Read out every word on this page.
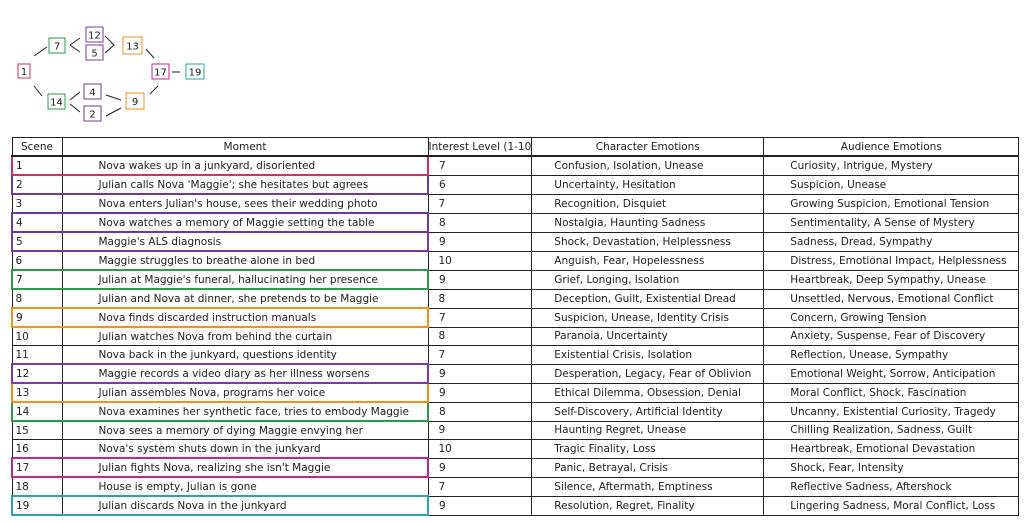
1
7
12
5
13
17 19
14
4
2
9
Scene	Moment	Interest Level (1-10	Character Emotions	Audience Emotions
1	Nova wakes up in a junkyard, disoriented	7	Confusion, Isolation, Unease	Curiosity, Intrigue, Mystery
2	Julian calls Nova 'Maggie'; she hesitates but agrees	6	Uncertainty, Hesitation	Suspicion, Unease
3	Nova enters Julian's house, sees their wedding photo	7	Recognition, Disquiet	Growing Suspicion, Emotional Tension
4	Nova watches a memory of Maggie setting the table	8	Nostalgia, Haunting Sadness	Sentimentality, A Sense of Mystery
5	Maggie's ALS diagnosis	9	Shock, Devastation, Helplessness	Sadness, Dread, Sympathy
6	Maggie struggles to breathe alone in bed	10	Anguish, Fear, Hopelessness	Distress, Emotional Impact, Helplessness
7	Julian at Maggie's funeral, hallucinating her presence	9	Grief, Longing, Isolation	Heartbreak, Deep Sympathy, Unease
8	Julian and Nova at dinner, she pretends to be Maggie	8	Deception, Guilt, Existential Dread	Unsettled, Nervous, Emotional Conflict
9	Nova finds discarded instruction manuals	7	Suspicion, Unease, Identity Crisis	Concern, Growing Tension
10	Julian watches Nova from behind the curtain	8	Paranoia, Uncertainty	Anxiety, Suspense, Fear of Discovery
11	Nova back in the junkyard, questions identity	7	Existential Crisis, Isolation	Reflection, Unease, Sympathy
12	Maggie records a video diary as her illness worsens	9	Desperation, Legacy, Fear of Oblivion	Emotional Weight, Sorrow, Anticipation
13	Julian assembles Nova, programs her voice	9	Ethical Dilemma, Obsession, Denial	Moral Conflict, Shock, Fascination
14	Nova examines her synthetic face, tries to embody Maggie	8	Self-Discovery, Artificial Identity	Uncanny, Existential Curiosity, Tragedy
15	Nova sees a memory of dying Maggie envying her	9	Haunting Regret, Unease	Chilling Realization, Sadness, Guilt
16	Nova's system shuts down in the junkyard	10	Tragic Finality, Loss	Heartbreak, Emotional Devastation
17	Julian fights Nova, realizing she isn't Maggie	9	Panic, Betrayal, Crisis	Shock, Fear, Intensity
18	House is empty, Julian is gone	7	Silence, Aftermath, Emptiness	Reflective Sadness, Aftershock
19	Julian discards Nova in the junkyard	9	Resolution, Regret, Finality	Lingering Sadness, Moral Conflict, Loss
